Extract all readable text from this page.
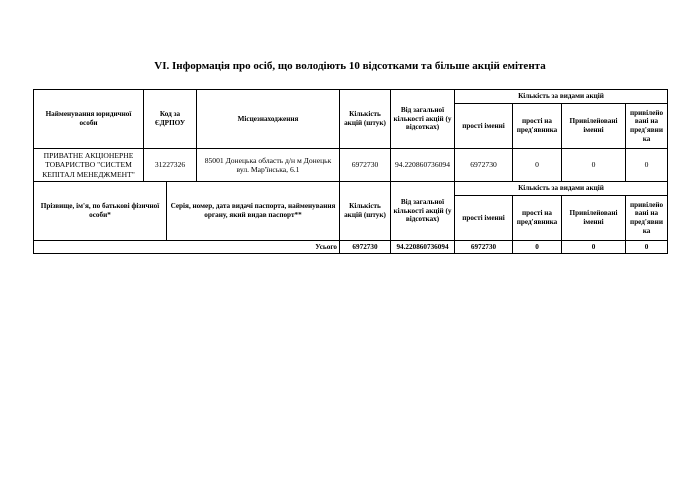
VI. Інформація про осіб, що володіють 10 відсотками та більше акцій емітента
Найменування юридичної особи	Код за ЄДРПОУ		Місцезнаходження	Кількість акцій (штук)	Від загальної кількості акцій (у відсотках)	Кількість за видами акцій			
						прості іменні	прості на пред'явника	Привілейовані іменні	привілейо вані на пред'явни ка
ПРИВАТНЕ АКЦІОНЕРНЕ ТОВАРИСТВО "СИСТЕМ КЕПІТАЛ МЕНЕДЖМЕНТ"	31227326		85001 Донецька область д/н м Донецьк вул. Мар'їнська, 6.1	6972730	94.220860736094	6972730	0	0	0
Прізвище, ім'я, по батькові фізичної особи*		Серія, номер, дата видачі паспорта, найменування органу, який видав паспорт**		Кількість акцій (штук)	Від загальної кількості акцій (у відсотках)	Кількість за видами акцій			
						прості іменні	прості на пред'явника	Привілейовані іменні	привілейо вані на пред'явни ка
Усього				6972730	94.220860736094	6972730	0	0	0
